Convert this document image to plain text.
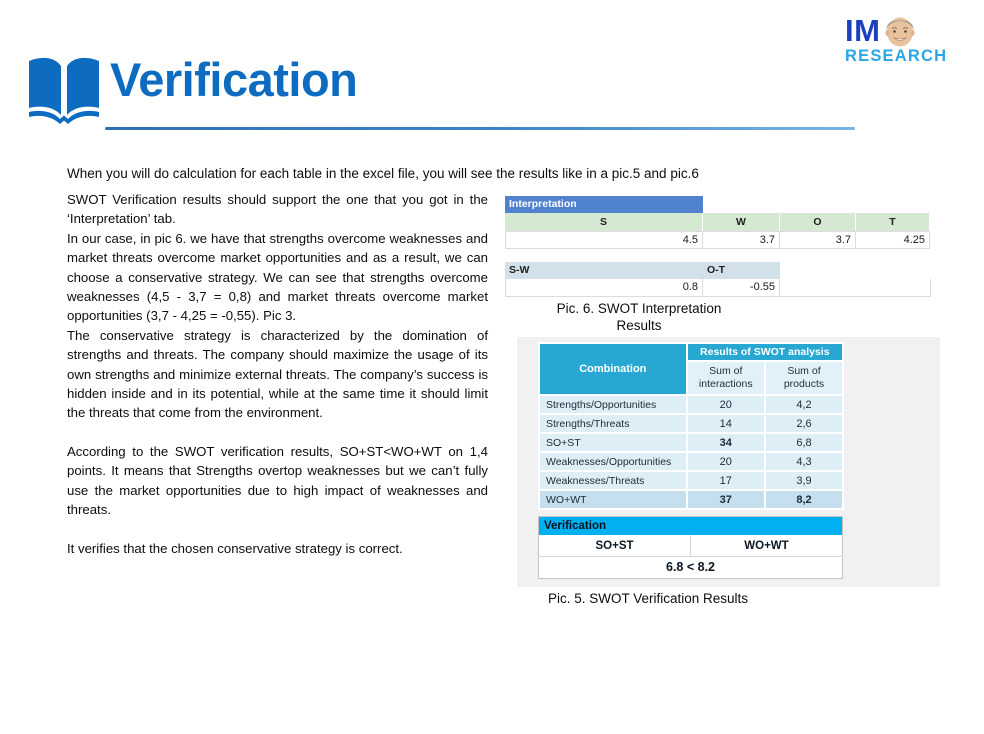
IM
RESEARCH
Verification

When you will do calculation for each table in the excel file, you will see the results like in a pic.5 and pic.6

SWOT Verification results should support the one that you got in the ‘Interpretation’ tab.

In our case, in pic 6. we have that strengths overcome weaknesses and market threats overcome market opportunities and as a result, we can choose a conservative strategy. We can see that strengths overcome weaknesses (4,5 - 3,7 = 0,8) and market threats overcome market opportunities (3,7 - 4,25 = -0,55). Pic 3.

The conservative strategy is characterized by the domination of strengths and threats. The company should maximize the usage of its own strengths and minimize external threats. The company’s success is hidden inside and in its potential, while at the same time it should limit the threats that come from the environment.

According to the SWOT verification results, SO+ST<WO+WT on 1,4 points. It means that Strengths overtop weaknesses but we can’t fully use the market opportunities due to high impact of weaknesses and threats.

It verifies that the chosen conservative strategy is correct.

Interpretation
S	W	O	T
4.5	3.7	3.7	4.25
S-W	O-T
0.8	-0.55
Pic. 6. SWOT Interpretation Results
Combination	Results of SWOT analysis	
	Sum of interactions	Sum of products
Strengths/Opportunities	20	4,2
Strengths/Threats	14	2,6
SO+ST	34	6,8
Weaknesses/Opportunities	20	4,3
Weaknesses/Threats	17	3,9
WO+WT	37	8,2
Verification
SO+ST	WO+WT
6.8 < 8.2
Pic. 5. SWOT Verification Results
